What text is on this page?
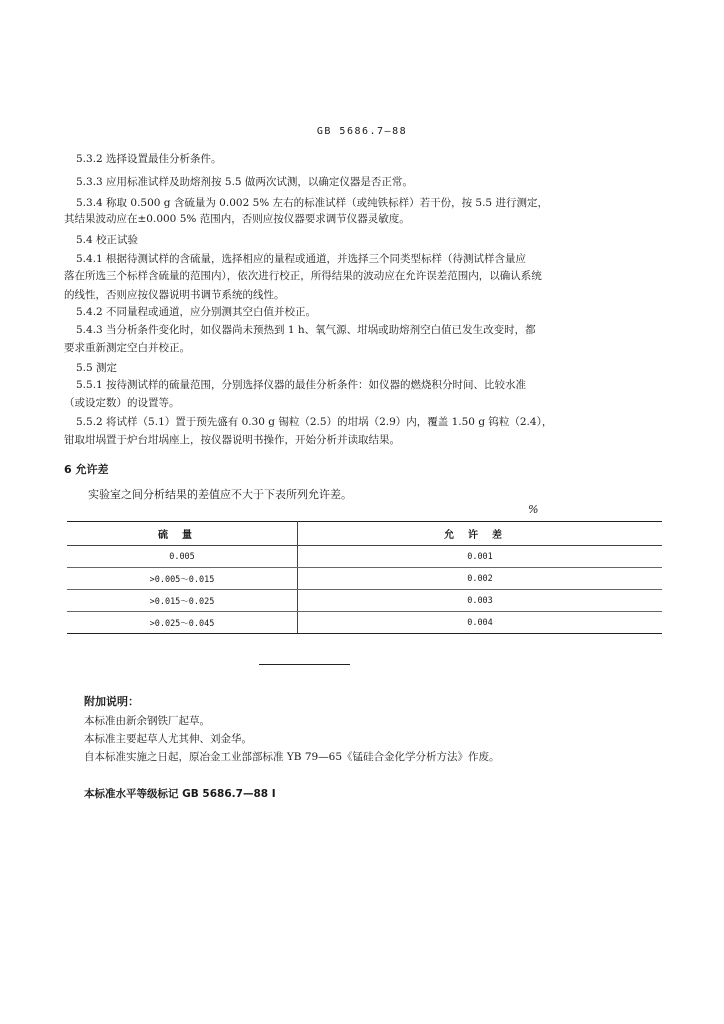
GB 5686.7—88
5.3.2 选择设置最佳分析条件。
5.3.3 应用标准试样及助熔剂按 5.5 做两次试测，以确定仪器是否正常。
5.3.4 称取 0.500 g 含硫量为 0.002 5% 左右的标准试样（或纯铁标样）若干份，按 5.5 进行测定，
其结果波动应在±0.000 5% 范围内，否则应按仪器要求调节仪器灵敏度。
5.4 校正试验
5.4.1 根据待测试样的含硫量，选择相应的量程或通道，并选择三个同类型标样（待测试样含量应
落在所选三个标样含硫量的范围内），依次进行校正，所得结果的波动应在允许误差范围内，以确认系统
的线性，否则应按仪器说明书调节系统的线性。
5.4.2 不同量程或通道，应分别测其空白值并校正。
5.4.3 当分析条件变化时，如仪器尚未预热到 1 h、氧气源、坩埚或助熔剂空白值已发生改变时，都
要求重新测定空白并校正。
5.5 测定
5.5.1 按待测试样的硫量范围，分别选择仪器的最佳分析条件：如仪器的燃烧积分时间、比较水准
（或设定数）的设置等。
5.5.2 将试样（5.1）置于预先盛有 0.30 g 锡粒（2.5）的坩埚（2.9）内，覆盖 1.50 g 钨粒（2.4），
钳取坩埚置于炉台坩埚座上，按仪器说明书操作，开始分析并读取结果。
6 允许差
实验室之间分析结果的差值应不大于下表所列允许差。
%
硫量	允许差
0.005	0.001
>0.005～0.015	0.002
>0.015～0.025	0.003
>0.025～0.045	0.004
附加说明：
本标准由新余钢铁厂起草。
本标准主要起草人尤其伸、刘金华。
自本标准实施之日起，原冶金工业部部标准 YB 79—65《锰硅合金化学分析方法》作废。
本标准水平等级标记 GB 5686.7—88 Ⅰ
